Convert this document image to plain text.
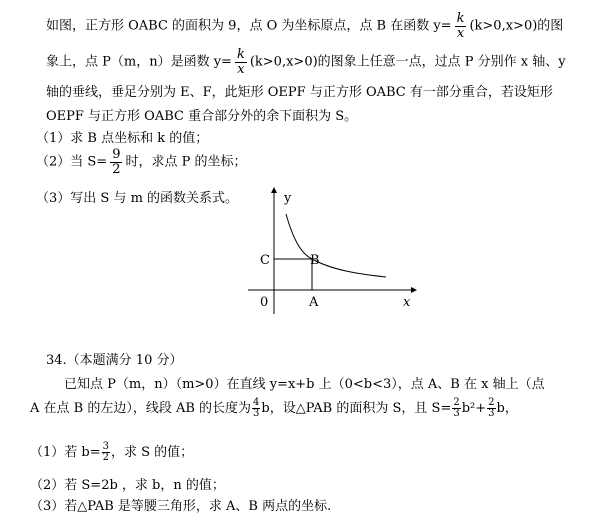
如图，正方形 OABC 的面积为 9，点 O 为坐标原点，点 B 在函数 $y= \frac{k}{x} (k>0,x>0)$的图
象上，点 P（m，n）是函数 $y= \frac{k}{x} (k>0,x>0)$的图象上任意一点，过点 P 分别作 x 轴、y
轴的垂线，垂足分别为 E、F，此矩形 OEPF 与正方形 OABC 有一部分重合，若设矩形
OEPF 与正方形 OABC 重合部分外的余下面积为 S。
（1）求 B 点坐标和 k 的值；
（2）当 $S= \frac{9}{2}$ 时，求点 P 的坐标；
（3）写出 S 与 m 的函数关系式。	y
C	B
0	A	x
34.（本题满分 10 分）
已知点 P（m，n）（m>0）在直线 y=x+b 上（0<b<3），点 A、B 在 x 轴上（点
A 在点 B 的左边），线段 AB 的长度为 $\frac{4}{3}$ b，设△PAB 的面积为 S，且 $S= \frac{2}{3} b^2+ \frac{2}{3}$ b，
（1）若 $b= \frac{3}{2}$ ，求 S 的值；
（2）若 S=2b ，求 b，n 的值；
（3）若△PAB 是等腰三角形，求 A、B 两点的坐标.
